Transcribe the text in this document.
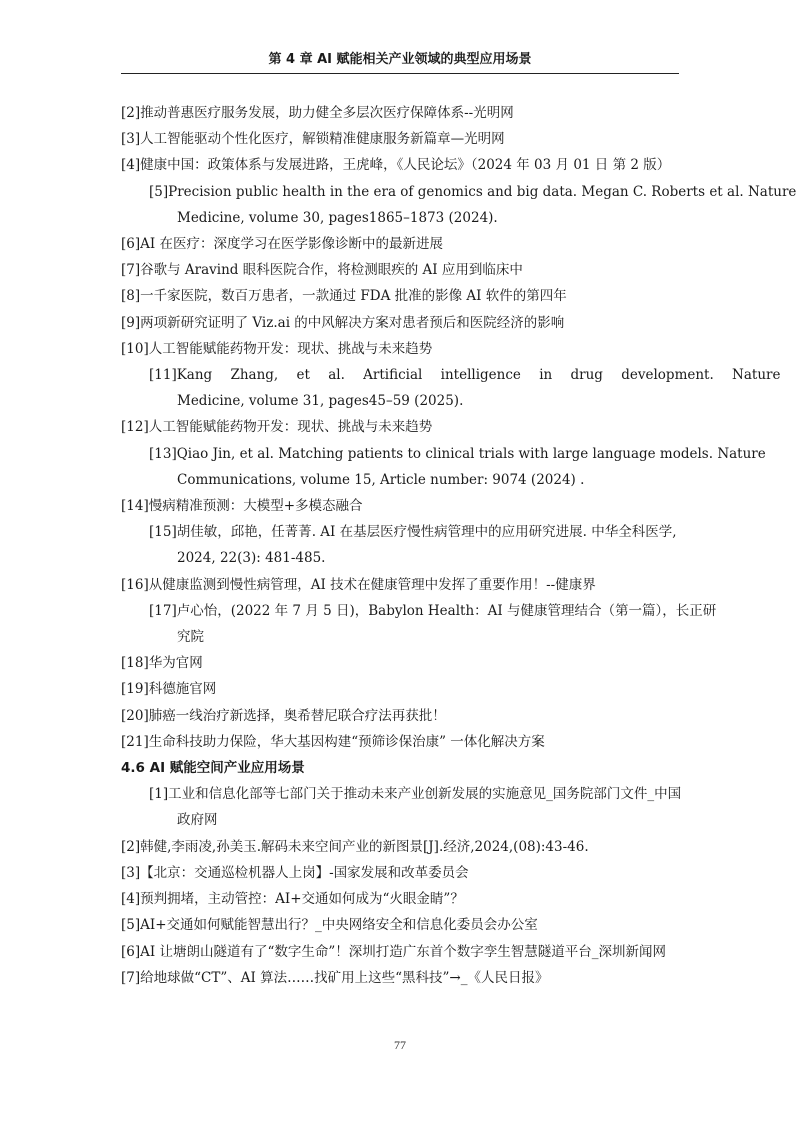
第 4 章 AI 赋能相关产业领域的典型应用场景
[2]推动普惠医疗服务发展，助力健全多层次医疗保障体系--光明网
[3]人工智能驱动个性化医疗，解锁精准健康服务新篇章—光明网
[4]健康中国：政策体系与发展进路，王虎峰，《人民论坛》（2024 年 03 月 01 日 第 2 版）
[5]Precision public health in the era of genomics and big data. Megan C. Roberts et al. Nature
Medicine, volume 30, pages1865–1873 (2024).
[6]AI 在医疗：深度学习在医学影像诊断中的最新进展
[7]谷歌与 Aravind 眼科医院合作，将检测眼疾的 AI 应用到临床中
[8]一千家医院，数百万患者，一款通过 FDA 批准的影像 AI 软件的第四年
[9]两项新研究证明了 Viz.ai 的中风解决方案对患者预后和医院经济的影响
[10]人工智能赋能药物开发：现状、挑战与未来趋势
[11]Kang Zhang, et al. Artificial intelligence in drug development. Nature
Medicine, volume 31, pages45–59 (2025).
[12]人工智能赋能药物开发：现状、挑战与未来趋势
[13]Qiao Jin, et al. Matching patients to clinical trials with large language models. Nature
Communications, volume 15, Article number: 9074 (2024) .
[14]慢病精准预测：大模型+多模态融合
[15]胡佳敏，邱艳，任菁菁. AI 在基层医疗慢性病管理中的应用研究进展. 中华全科医学,
2024, 22(3): 481-485.
[16]从健康监测到慢性病管理，AI 技术在健康管理中发挥了重要作用！--健康界
[17]卢心怡，(2022 年 7 月 5 日)，Babylon Health：AI 与健康管理结合（第一篇），长正研
究院
[18]华为官网
[19]科德施官网
[20]肺癌一线治疗新选择，奥希替尼联合疗法再获批！
[21]生命科技助力保险，华大基因构建“预筛诊保治康” 一体化解决方案
4.6 AI 赋能空间产业应用场景
[1]工业和信息化部等七部门关于推动未来产业创新发展的实施意见_国务院部门文件_中国
政府网
[2]韩健,李雨凌,孙美玉.解码未来空间产业的新图景[J].经济,2024,(08):43-46.
[3]【北京：交通巡检机器人上岗】-国家发展和改革委员会
[4]预判拥堵，主动管控：AI+交通如何成为“火眼金睛”？
[5]AI+交通如何赋能智慧出行？_中央网络安全和信息化委员会办公室
[6]AI 让塘朗山隧道有了“数字生命”！深圳打造广东首个数字孪生智慧隧道平台_深圳新闻网
[7]给地球做“CT”、AI 算法……找矿用上这些“黑科技”→_《人民日报》
77
